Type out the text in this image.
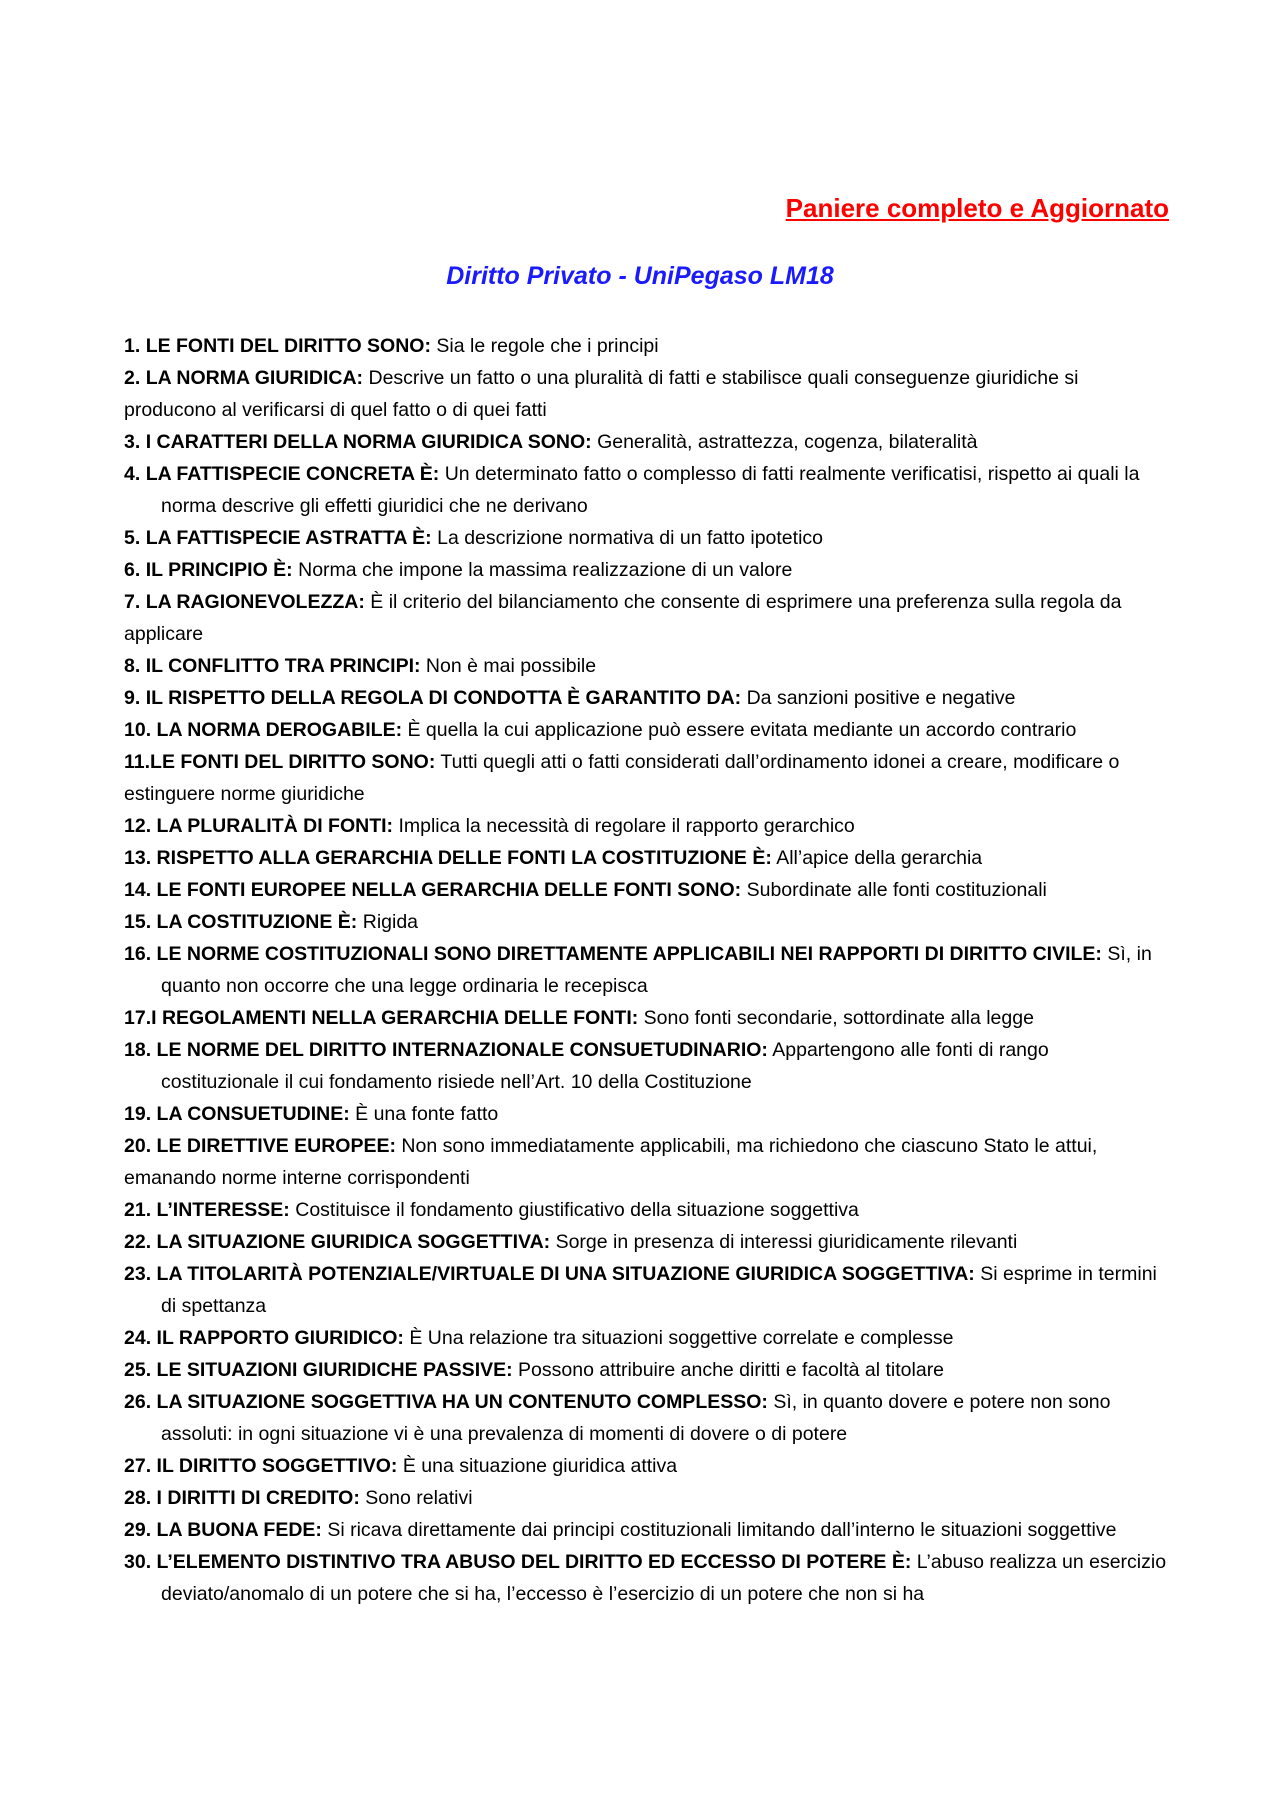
Paniere completo e Aggiornato
Diritto Privato - UniPegaso LM18
1. LE FONTI DEL DIRITTO SONO: Sia le regole che i principi
2. LA NORMA GIURIDICA: Descrive un fatto o una pluralità di fatti e stabilisce quali conseguenze giuridiche si producono al verificarsi di quel fatto o di quei fatti
3. I CARATTERI DELLA NORMA GIURIDICA SONO: Generalità, astrattezza, cogenza, bilateralità
4. LA FATTISPECIE CONCRETA È: Un determinato fatto o complesso di fatti realmente verificatisi, rispetto ai quali la norma descrive gli effetti giuridici che ne derivano
5. LA FATTISPECIE ASTRATTA È: La descrizione normativa di un fatto ipotetico
6. IL PRINCIPIO È: Norma che impone la massima realizzazione di un valore
7. LA RAGIONEVOLEZZA: È il criterio del bilanciamento che consente di esprimere una preferenza sulla regola da applicare
8. IL CONFLITTO TRA PRINCIPI: Non è mai possibile
9. IL RISPETTO DELLA REGOLA DI CONDOTTA È GARANTITO DA: Da sanzioni positive e negative
10. LA NORMA DEROGABILE: È quella la cui applicazione può essere evitata mediante un accordo contrario
11.LE FONTI DEL DIRITTO SONO: Tutti quegli atti o fatti considerati dall’ordinamento idonei a creare, modificare o estinguere norme giuridiche
12. LA PLURALITÀ DI FONTI: Implica la necessità di regolare il rapporto gerarchico
13. RISPETTO ALLA GERARCHIA DELLE FONTI LA COSTITUZIONE È: All’apice della gerarchia
14. LE FONTI EUROPEE NELLA GERARCHIA DELLE FONTI SONO: Subordinate alle fonti costituzionali
15. LA COSTITUZIONE È: Rigida
16. LE NORME COSTITUZIONALI SONO DIRETTAMENTE APPLICABILI NEI RAPPORTI DI DIRITTO CIVILE: Sì, in quanto non occorre che una legge ordinaria le recepisca
17.I REGOLAMENTI NELLA GERARCHIA DELLE FONTI: Sono fonti secondarie, sottordinate alla legge
18. LE NORME DEL DIRITTO INTERNAZIONALE CONSUETUDINARIO: Appartengono alle fonti di rango costituzionale il cui fondamento risiede nell’Art. 10 della Costituzione
19. LA CONSUETUDINE: È una fonte fatto
20. LE DIRETTIVE EUROPEE: Non sono immediatamente applicabili, ma richiedono che ciascuno Stato le attui, emanando norme interne corrispondenti
21. L’INTERESSE: Costituisce il fondamento giustificativo della situazione soggettiva
22. LA SITUAZIONE GIURIDICA SOGGETTIVA: Sorge in presenza di interessi giuridicamente rilevanti
23. LA TITOLARITÀ POTENZIALE/VIRTUALE DI UNA SITUAZIONE GIURIDICA SOGGETTIVA: Si esprime in termini di spettanza
24. IL RAPPORTO GIURIDICO: È Una relazione tra situazioni soggettive correlate e complesse
25. LE SITUAZIONI GIURIDICHE PASSIVE: Possono attribuire anche diritti e facoltà al titolare
26. LA SITUAZIONE SOGGETTIVA HA UN CONTENUTO COMPLESSO: Sì, in quanto dovere e potere non sono assoluti: in ogni situazione vi è una prevalenza di momenti di dovere o di potere
27. IL DIRITTO SOGGETTIVO: È una situazione giuridica attiva
28. I DIRITTI DI CREDITO: Sono relativi
29. LA BUONA FEDE: Si ricava direttamente dai principi costituzionali limitando dall’interno le situazioni soggettive
30. L’ELEMENTO DISTINTIVO TRA ABUSO DEL DIRITTO ED ECCESSO DI POTERE È: L’abuso realizza un esercizio deviato/anomalo di un potere che si ha, l’eccesso è l’esercizio di un potere che non si ha
